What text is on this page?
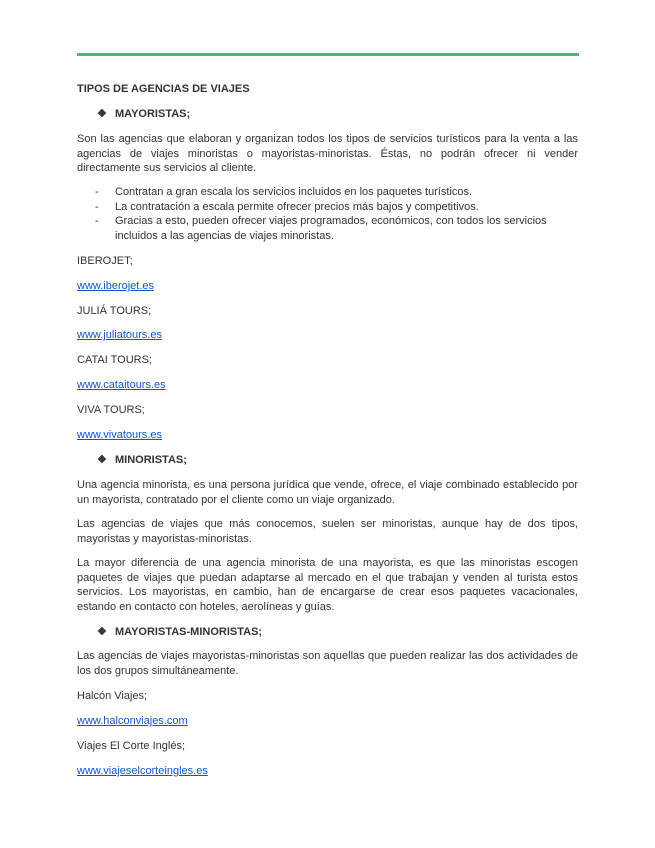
TIPOS DE AGENCIAS DE VIAJES
❖ MAYORISTAS;

Son las agencias que elaboran y organizan todos los tipos de servicios turísticos para la venta a las agencias de viajes minoristas o mayoristas-minoristas. Éstas, no podrán ofrecer ni vender directamente sus servicios al cliente.

- Contratan a gran escala los servicios incluidos en los paquetes turísticos.
- La contratación a escala permite ofrecer precios más bajos y competitivos.
- Gracias a esto, pueden ofrecer viajes programados, económicos, con todos los servicios incluidos a las agencias de viajes minoristas.
IBEROJET;
www.iberojet.es
JULIÁ TOURS;
www.juliatours.es
CATAI TOURS;
www.cataitours.es
VIVA TOURS;
www.vivatours.es
❖ MINORISTAS;

Una agencia minorista, es una persona jurídica que vende, ofrece, el viaje combinado establecido por un mayorista, contratado por el cliente como un viaje organizado.

Las agencias de viajes que más conocemos, suelen ser minoristas, aunque hay de dos tipos, mayoristas y mayoristas-minoristas.

La mayor diferencia de una agencia minorista de una mayorista, es que las minoristas escogen paquetes de viajes que puedan adaptarse al mercado en el que trabajan y venden al turista estos servicios. Los mayoristas, en cambio, han de encargarse de crear esos paquetes vacacionales, estando en contacto con hoteles, aerolíneas y guías.

❖ MAYORISTAS-MINORISTAS;

Las agencias de viajes mayoristas-minoristas son aquellas que pueden realizar las dos actividades de los dos grupos simultáneamente.

Halcón Viajes;
www.halconviajes.com
Viajes El Corte Inglés;
www.viajeselcorteingles.es
